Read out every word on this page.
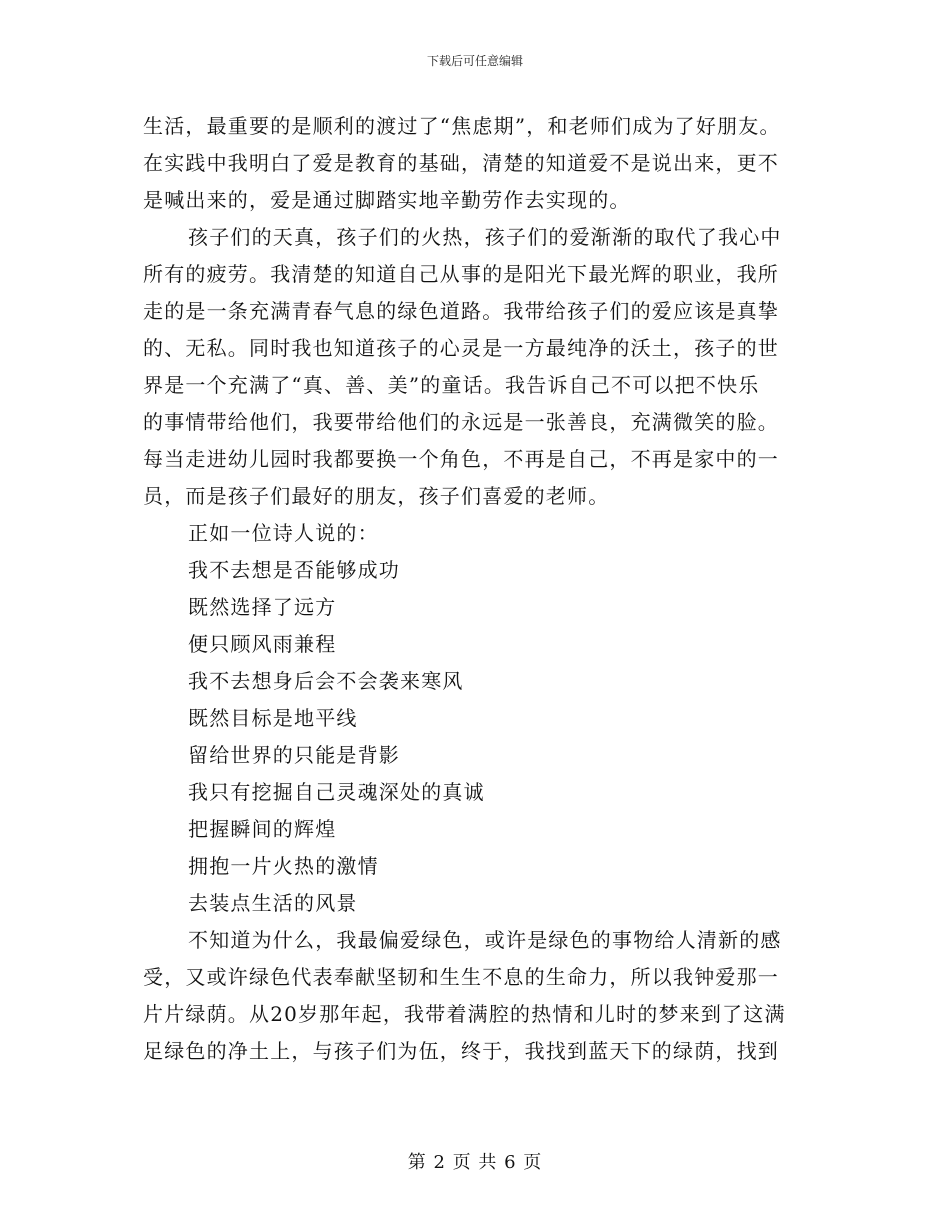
下载后可任意编辑
生活，最重要的是顺利的渡过了“焦虑期”，和老师们成为了好朋友。
在实践中我明白了爱是教育的基础，清楚的知道爱不是说出来，更不
是喊出来的，爱是通过脚踏实地辛勤劳作去实现的。
孩子们的天真，孩子们的火热，孩子们的爱渐渐的取代了我心中
所有的疲劳。我清楚的知道自己从事的是阳光下最光辉的职业，我所
走的是一条充满青春气息的绿色道路。我带给孩子们的爱应该是真挚
的、无私。同时我也知道孩子的心灵是一方最纯净的沃土，孩子的世
界是一个充满了“真、善、美”的童话。我告诉自己不可以把不快乐
的事情带给他们，我要带给他们的永远是一张善良，充满微笑的脸。
每当走进幼儿园时我都要换一个角色，不再是自己，不再是家中的一
员，而是孩子们最好的朋友，孩子们喜爱的老师。
正如一位诗人说的：
我不去想是否能够成功
既然选择了远方
便只顾风雨兼程
我不去想身后会不会袭来寒风
既然目标是地平线
留给世界的只能是背影
我只有挖掘自己灵魂深处的真诚
把握瞬间的辉煌
拥抱一片火热的激情
去装点生活的风景
不知道为什么，我最偏爱绿色，或许是绿色的事物给人清新的感
受，又或许绿色代表奉献坚韧和生生不息的生命力，所以我钟爱那一
片片绿荫。从20岁那年起，我带着满腔的热情和儿时的梦来到了这满
足绿色的净土上，与孩子们为伍，终于，我找到蓝天下的绿荫，找到
第 2 页 共 6 页
